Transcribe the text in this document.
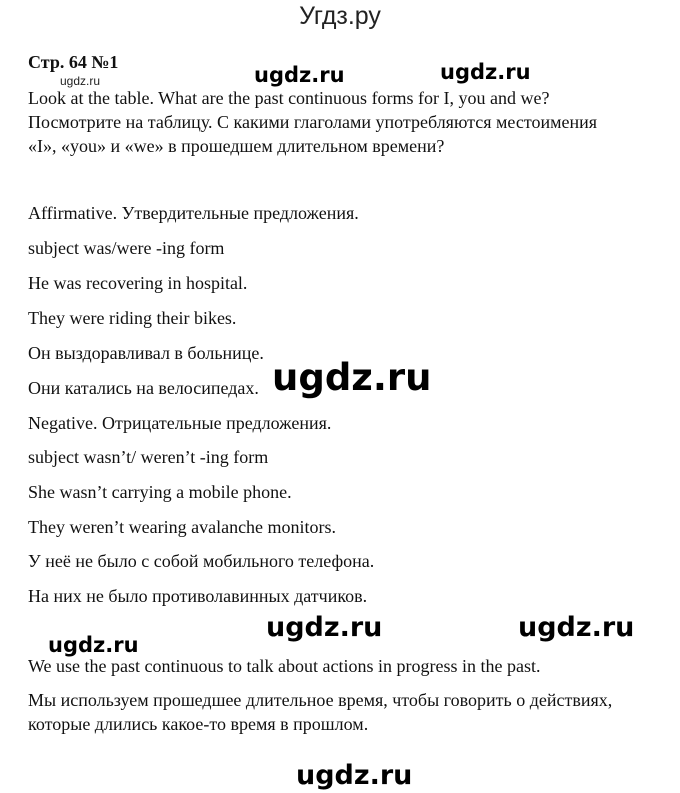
Угдз.ру
Стр. 64 №1
ugdz.ru	ugdz.ru	ugdz.ru
Look at the table. What are the past continuous forms for I, you and we?
Посмотрите на таблицу. С какими глаголами употребляются местоимения
«I», «you» и «we» в прошедшем длительном времени?
Affirmative. Утвердительные предложения.
subject was/were -ing form
He was recovering in hospital.
They were riding their bikes.
Он выздоравливал в больнице.
Они катались на велосипедах. ugdz.ru
Negative. Отрицательные предложения.
subject wasn’t/ weren’t -ing form
She wasn’t carrying a mobile phone.
They weren’t wearing avalanche monitors.
У неё не было с собой мобильного телефона.
На них не было противолавинных датчиков.
ugdz.ru
ugdz.ru	ugdz.ru
We use the past continuous to talk about actions in progress in the past.
Мы используем прошедшее длительное время, чтобы говорить о действиях,
которые длились какое-то время в прошлом.
ugdz.ru
